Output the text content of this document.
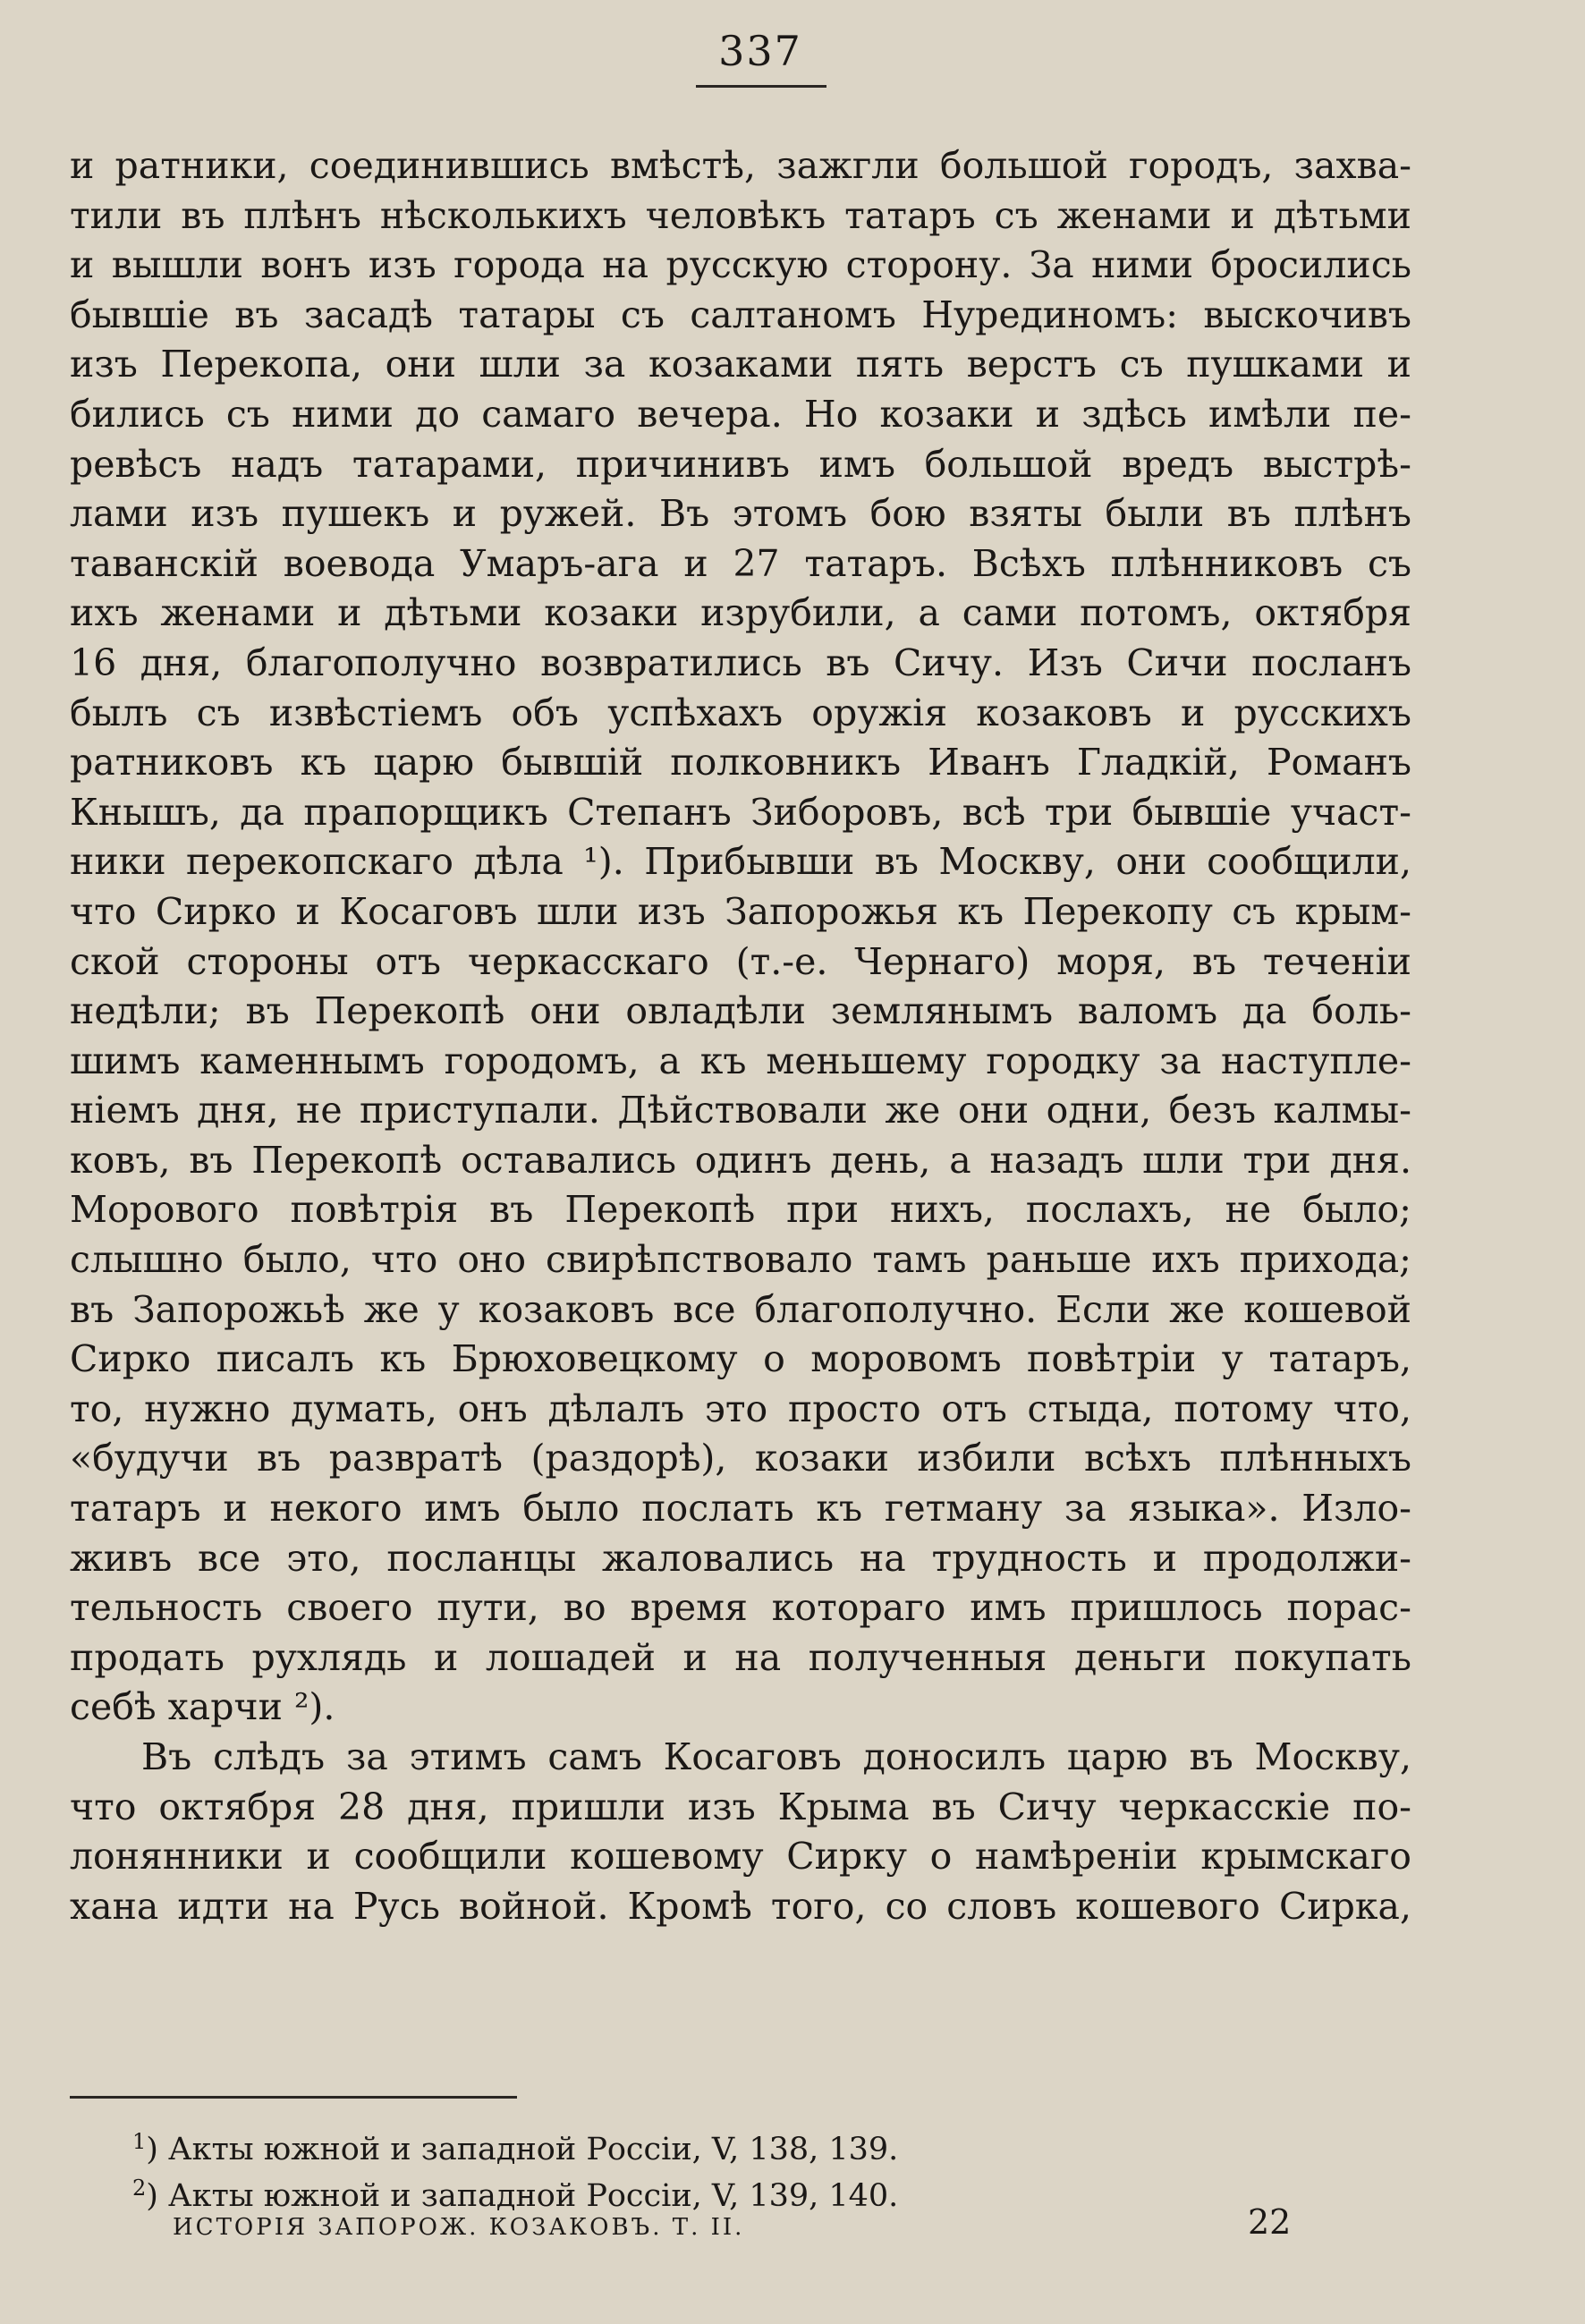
337
и ратники, соединившись вмѣстѣ, зажгли большой городъ, захва-
тили въ плѣнъ нѣсколькихъ человѣкъ татаръ съ женами и дѣтьми
и вышли вонъ изъ города на русскую сторону. За ними бросились
бывшіе въ засадѣ татары съ салтаномъ Нурединомъ: выскочивъ
изъ Перекопа, они шли за козаками пять верстъ съ пушками и
бились съ ними до самаго вечера. Но козаки и здѣсь имѣли пе-
ревѣсъ надъ татарами, причинивъ имъ большой вредъ выстрѣ-
лами изъ пушекъ и ружей. Въ этомъ бою взяты были въ плѣнъ
таванскій воевода Умаръ-ага и 27 татаръ. Всѣхъ плѣнниковъ съ
ихъ женами и дѣтьми козаки изрубили, а сами потомъ, октября
16 дня, благополучно возвратились въ Сичу. Изъ Сичи посланъ
былъ съ извѣстіемъ объ успѣхахъ оружія козаковъ и русскихъ
ратниковъ къ царю бывшій полковникъ Иванъ Гладкій, Романъ
Кнышъ, да прапорщикъ Степанъ Зиборовъ, всѣ три бывшіе участ-
ники перекопскаго дѣла ¹). Прибывши въ Москву, они сообщили,
что Сирко и Косаговъ шли изъ Запорожья къ Перекопу съ крым-
ской стороны отъ черкасскаго (т.-е. Чернаго) моря, въ теченіи
недѣли; въ Перекопѣ они овладѣли землянымъ валомъ да боль-
шимъ каменнымъ городомъ, а къ меньшему городку за наступле-
ніемъ дня, не приступали. Дѣйствовали же они одни, безъ калмы-
ковъ, въ Перекопѣ оставались одинъ день, а назадъ шли три дня.
Морового повѣтрія въ Перекопѣ при нихъ, послахъ, не было;
слышно было, что оно свирѣпствовало тамъ раньше ихъ прихода;
въ Запорожьѣ же у козаковъ все благополучно. Если же кошевой
Сирко писалъ къ Брюховецкому о моровомъ повѣтріи у татаръ,
то, нужно думать, онъ дѣлалъ это просто отъ стыда, потому что,
«будучи въ развратѣ (раздорѣ), козаки избили всѣхъ плѣнныхъ
татаръ и некого имъ было послать къ гетману за языка». Изло-
живъ все это, посланцы жаловались на трудность и продолжи-
тельность своего пути, во время котораго имъ пришлось порас-
продать рухлядь и лошадей и на полученныя деньги покупать
себѣ харчи ²).
Въ слѣдъ за этимъ самъ Косаговъ доносилъ царю въ Москву,
что октября 28 дня, пришли изъ Крыма въ Сичу черкасскіе по-
лонянники и сообщили кошевому Сирку о намѣреніи крымскаго
хана идти на Русь войной. Кромѣ того, со словъ кошевого Сирка,
$^1$) Акты южной и западной Россіи, V, 138, 139.
$^2$) Акты южной и западной Россіи, V, 139, 140.
ИСТОРІЯ ЗАПОРОЖ. КОЗАКОВЪ. Т. II.	22
